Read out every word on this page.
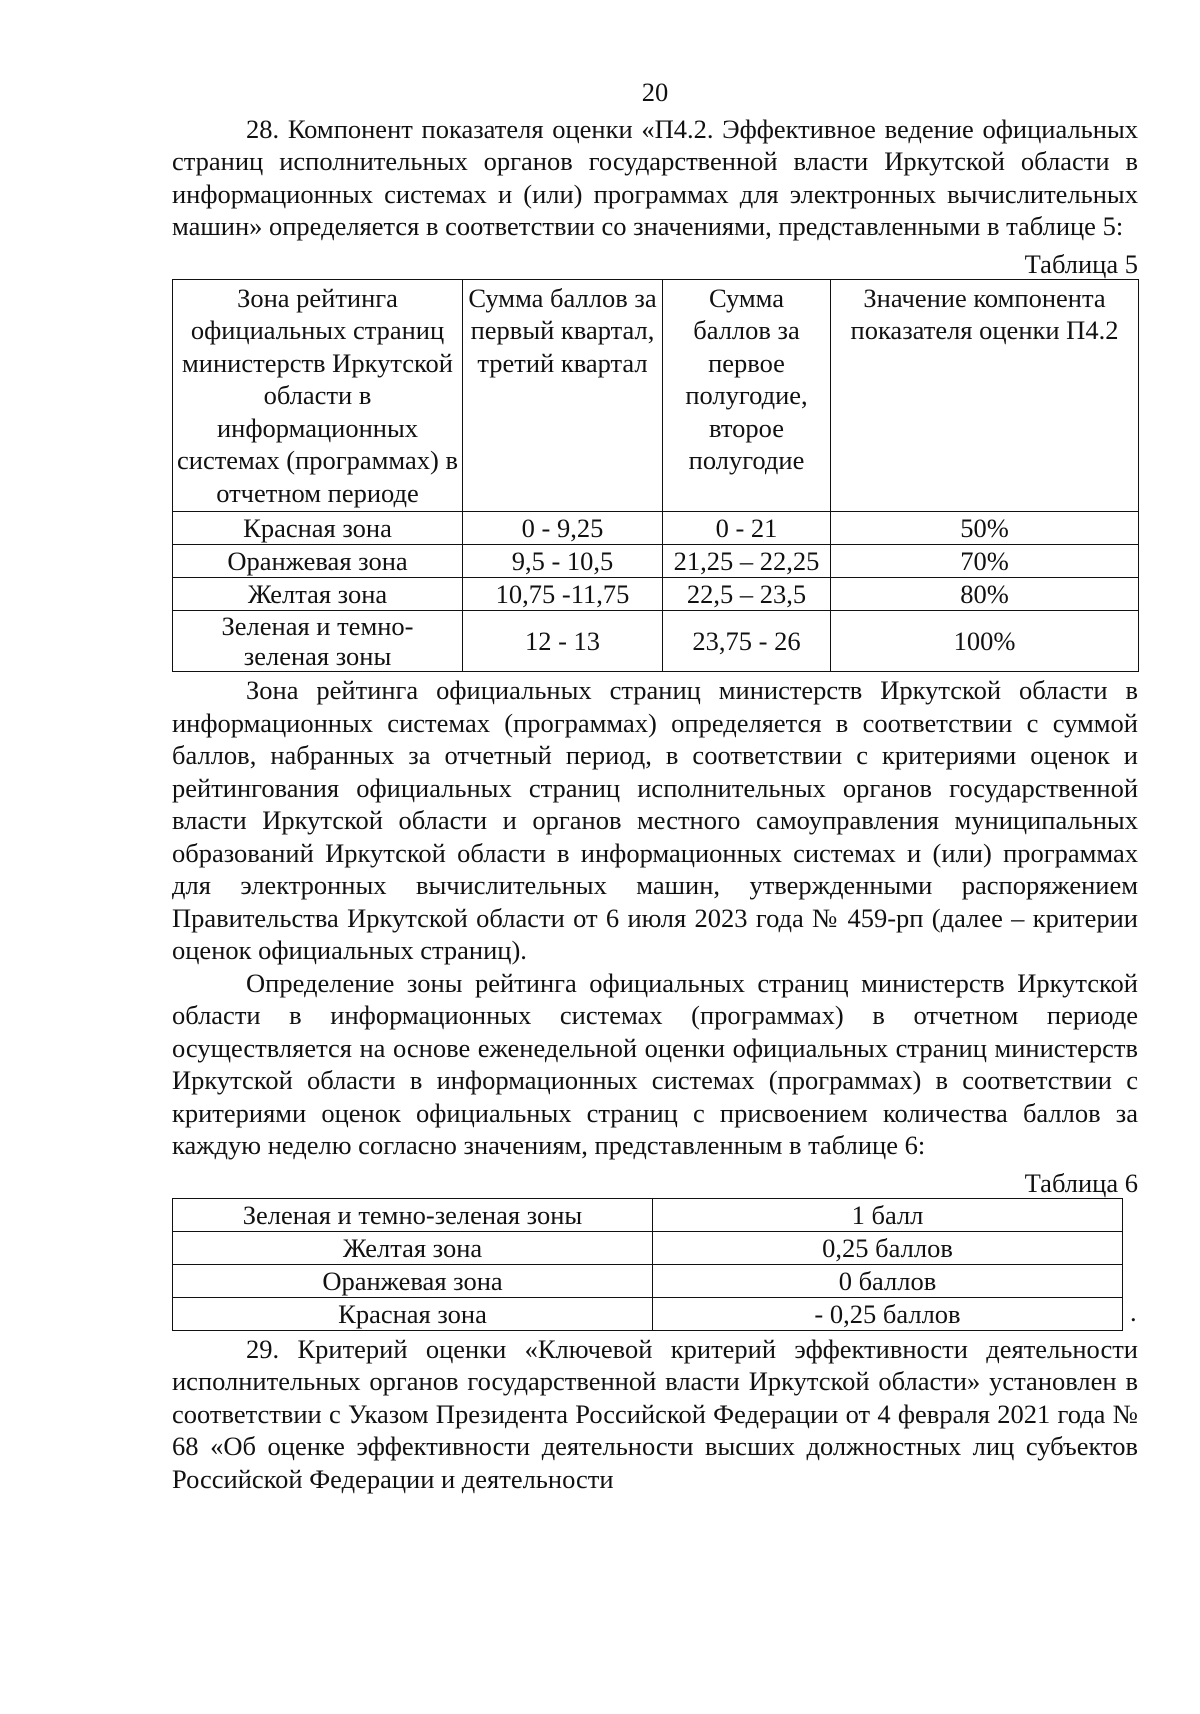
20

28. Компонент показателя оценки «П4.2. Эффективное ведение официальных страниц исполнительных органов государственной власти Иркутской области в информационных системах и (или) программах для электронных вычислительных машин» определяется в соответствии со значениями, представленными в таблице 5:

Таблица 5
Зона рейтинга официальных страниц министерств Иркутской области в информационных системах (программах) в отчетном периоде	Сумма баллов за первый квартал, третий квартал	Сумма баллов за первое полугодие, второе полугодие	Значение компонента показателя оценки П4.2
Красная зона	0 - 9,25	0 - 21	50%
Оранжевая зона	9,5 - 10,5	21,25 – 22,25	70%
Желтая зона	10,75 -11,75	22,5 – 23,5	80%
Зеленая и темно-зеленая зоны	12 - 13	23,75 - 26	100%

Зона рейтинга официальных страниц министерств Иркутской области в информационных системах (программах) определяется в соответствии с суммой баллов, набранных за отчетный период, в соответствии с критериями оценок и рейтингования официальных страниц исполнительных органов государственной власти Иркутской области и органов местного самоуправления муниципальных образований Иркутской области в информационных системах и (или) программах для электронных вычислительных машин, утвержденными распоряжением Правительства Иркутской области от 6 июля 2023 года № 459-рп (далее – критерии оценок официальных страниц).

Определение зоны рейтинга официальных страниц министерств Иркутской области в информационных системах (программах) в отчетном периоде осуществляется на основе еженедельной оценки официальных страниц министерств Иркутской области в информационных системах (программах) в соответствии с критериями оценок официальных страниц с присвоением количества баллов за каждую неделю согласно значениям, представленным в таблице 6:

Таблица 6
Зеленая и темно-зеленая зоны	1 балл
Желтая зона	0,25 баллов
Оранжевая зона	0 баллов
Красная зона	- 0,25 баллов	.

29. Критерий оценки «Ключевой критерий эффективности деятельности исполнительных органов государственной власти Иркутской области» установлен в соответствии с Указом Президента Российской Федерации от 4 февраля 2021 года № 68 «Об оценке эффективности деятельности высших должностных лиц субъектов Российской Федерации и деятельности
